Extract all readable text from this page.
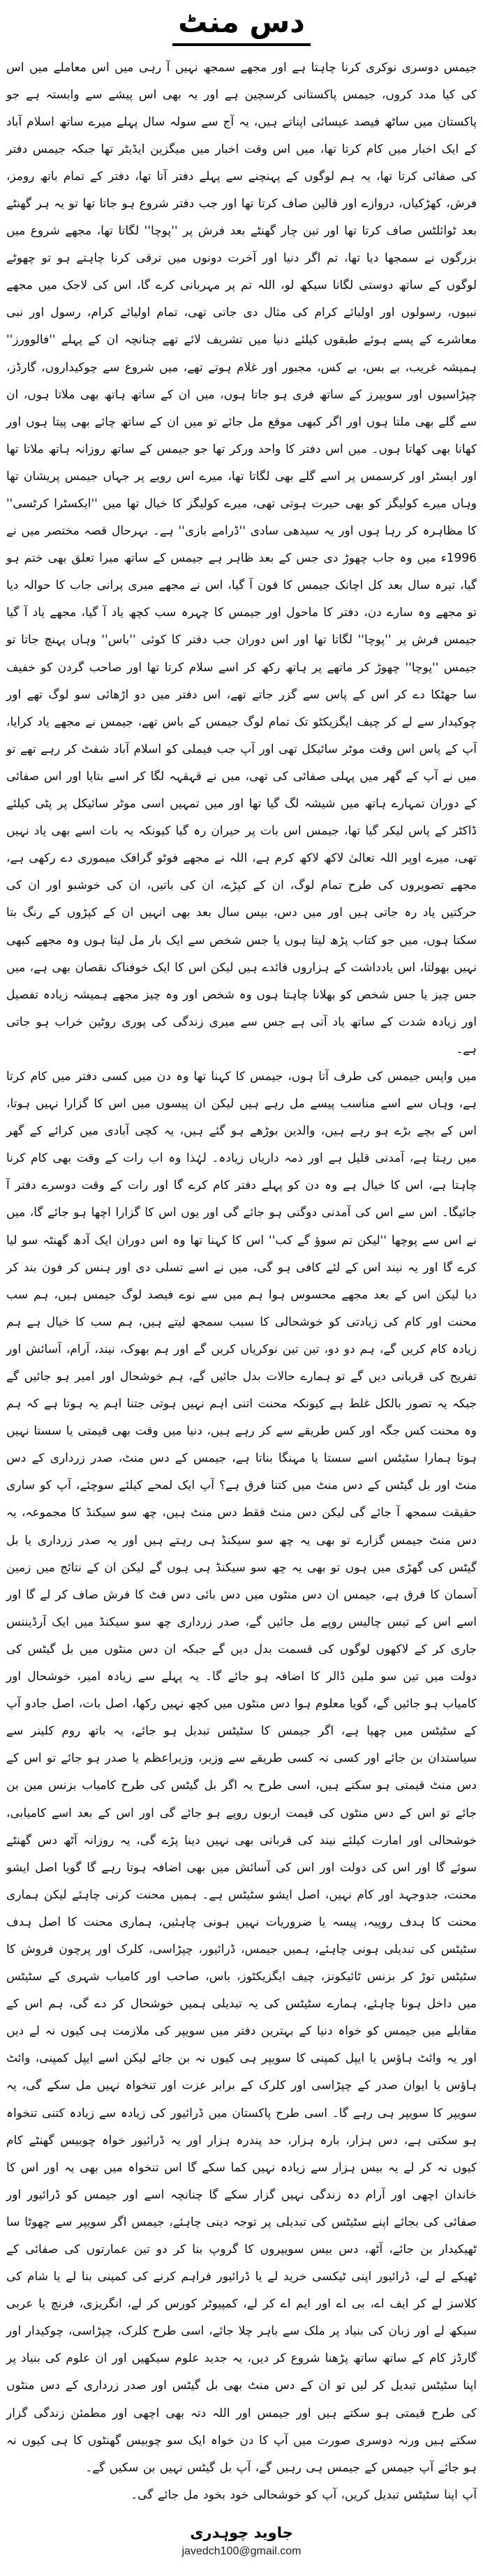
دس منٹ

جیمس دوسری نوکری کرنا چاہتا ہے اور مجھے سمجھ نہیں آ رہی میں اس معاملے میں اس کی کیا مدد کروں، جیمس پاکستانی کرسچین ہے اور یہ بھی اس پیشے سے وابستہ ہے جو پاکستان میں ساٹھ فیصد عیسائی اپناتے ہیں، یہ آج سے سولہ سال پہلے میرے ساتھ اسلام آباد کے ایک اخبار میں کام کرتا تھا، میں اس وقت اخبار میں میگزین ایڈیٹر تھا جبکہ جیمس دفتر کی صفائی کرتا تھا، یہ ہم لوگوں کے پہنچنے سے پہلے دفتر آتا تھا، دفتر کے تمام باتھ رومز، فرش، کھڑکیاں، دروازے اور قالین صاف کرتا تھا اور جب دفتر شروع ہو جاتا تھا تو یہ ہر گھنٹے بعد ٹوائلٹس صاف کرتا تھا اور تین چار گھنٹے بعد فرش پر ''پوچا'' لگاتا تھا، مجھے شروع میں بزرگوں نے سمجھا دیا تھا، تم اگر دنیا اور آخرت دونوں میں ترقی کرنا چاہتے ہو تو چھوٹے لوگوں کے ساتھ دوستی لگانا سیکھ لو، اللہ تم پر مہربانی کرے گا، اس کی لاجک میں مجھے نبیوں، رسولوں اور اولیائے کرام کی مثال دی جاتی تھی، تمام اولیائے کرام، رسول اور نبی معاشرے کے پسے ہوئے طبقوں کیلئے دنیا میں تشریف لائے تھے چنانچہ ان کے پہلے ''فالوورز'' ہمیشہ غریب، بے بس، بے کس، مجبور اور غلام ہوتے تھے، میں شروع سے چوکیداروں، گارڈز، چپڑاسیوں اور سویپرز کے ساتھ فری ہو جاتا ہوں، میں ان کے ساتھ ہاتھ بھی ملاتا ہوں، ان سے گلے بھی ملتا ہوں اور اگر کبھی موقع مل جائے تو میں ان کے ساتھ چائے بھی پیتا ہوں اور کھانا بھی کھاتا ہوں۔ میں اس دفتر کا واحد ورکر تھا جو جیمس کے ساتھ روزانہ ہاتھ ملاتا تھا اور ایسٹر اور کرسمس پر اسے گلے بھی لگاتا تھا، میرے اس رویے پر جہاں جیمس پریشان تھا وہاں میرے کولیگز کو بھی حیرت ہوتی تھی، میرے کولیگز کا خیال تھا میں ''ایکسٹرا کرٹسی'' کا مظاہرہ کر رہا ہوں اور یہ سیدھی سادی ''ڈرامے بازی'' ہے۔ بہرحال قصہ مختصر میں نے 1996ء میں وہ جاب چھوڑ دی جس کے بعد ظاہر ہے جیمس کے ساتھ میرا تعلق بھی ختم ہو گیا، تیرہ سال بعد کل اچانک جیمس کا فون آ گیا، اس نے مجھے میری پرانی جاب کا حوالہ دیا تو مجھے وہ سارے دن، دفتر کا ماحول اور جیمس کا چہرہ سب کچھ یاد آ گیا، مجھے یاد آ گیا جیمس فرش پر ''پوچا'' لگاتا تھا اور اس دوران جب دفتر کا کوئی ''باس'' وہاں پہنچ جاتا تو جیمس ''پوچا'' چھوڑ کر ماتھے پر ہاتھ رکھ کر اسے سلام کرتا تھا اور صاحب گردن کو خفیف سا جھٹکا دے کر اس کے پاس سے گزر جاتے تھے، اس دفتر میں دو اڑھائی سو لوگ تھے اور چوکیدار سے لے کر چیف ایگزیکٹو تک تمام لوگ جیمس کے باس تھے، جیمس نے مجھے یاد کرایا، آپ کے پاس اس وقت موٹر سائیکل تھی اور آپ جب فیملی کو اسلام آباد شفٹ کر رہے تھے تو میں نے آپ کے گھر میں پہلی صفائی کی تھی، میں نے قہقہہ لگا کر اسے بتایا اور اس صفائی کے دوران تمہارے ہاتھ میں شیشہ لگ گیا تھا اور میں تمہیں اسی موٹر سائیکل پر پٹی کیلئے ڈاکٹر کے پاس لیکر گیا تھا، جیمس اس بات پر حیران رہ گیا کیونکہ یہ بات اسے بھی یاد نہیں تھی، میرے اوپر اللہ تعالیٰ لاکھ لاکھ کرم ہے، اللہ نے مجھے فوٹو گرافک میموری دے رکھی ہے، مجھے تصویروں کی طرح تمام لوگ، ان کے کپڑے، ان کی باتیں، ان کی خوشبو اور ان کی حرکتیں یاد رہ جاتی ہیں اور میں دس، بیس سال بعد بھی انہیں ان کے کپڑوں کے رنگ بتا سکتا ہوں، میں جو کتاب پڑھ لیتا ہوں یا جس شخص سے ایک بار مل لیتا ہوں وہ مجھے کبھی نہیں بھولتا، اس یادداشت کے ہزاروں فائدے ہیں لیکن اس کا ایک خوفناک نقصان بھی ہے، میں جس چیز یا جس شخص کو بھلانا چاہتا ہوں وہ شخص اور وہ چیز مجھے ہمیشہ زیادہ تفصیل اور زیادہ شدت کے ساتھ یاد آتی ہے جس سے میری زندگی کی پوری روٹین خراب ہو جاتی ہے۔

میں واپس جیمس کی طرف آتا ہوں، جیمس کا کہنا تھا وہ دن میں کسی دفتر میں کام کرتا ہے، وہاں سے اسے مناسب پیسے مل رہے ہیں لیکن ان پیسوں میں اس کا گزارا نہیں ہوتا، اس کے بچے بڑے ہو رہے ہیں، والدین بوڑھے ہو گئے ہیں، یہ کچی آبادی میں کرائے کے گھر میں رہتا ہے، آمدنی قلیل ہے اور ذمہ داریاں زیادہ۔ لہٰذا وہ اب رات کے وقت بھی کام کرنا چاہتا ہے، اس کا خیال ہے وہ دن کو پہلے دفتر کام کرے گا اور رات کے وقت دوسرے دفتر آ جائیگا۔ اس سے اس کی آمدنی دوگنی ہو جائے گی اور یوں اس کا گزارا اچھا ہو جائے گا، میں نے اس سے پوچھا ''لیکن تم سوؤ گے کب'' اس کا کہنا تھا وہ اس دوران ایک آدھ گھنٹہ سو لیا کرے گا اور یہ نیند اس کے لئے کافی ہو گی، میں نے اسے تسلی دی اور ہنس کر فون بند کر دیا لیکن اس کے بعد مجھے محسوس ہوا ہم میں سے نوے فیصد لوگ جیمس ہیں، ہم سب محنت اور کام کی زیادتی کو خوشحالی کا سبب سمجھ لیتے ہیں، ہم سب کا خیال ہے ہم زیادہ کام کریں گے، ہم دو دو، تین تین نوکریاں کریں گے اور ہم بھوک، نیند، آرام، آسائش اور تفریح کی قربانی دیں گے تو ہمارے حالات بدل جائیں گے، ہم خوشحال اور امیر ہو جائیں گے جبکہ یہ تصور بالکل غلط ہے کیونکہ محنت اتنی اہم نہیں ہوتی جتنا اہم یہ ہوتا ہے کہ ہم وہ محنت کس جگہ اور کس طریقے سے کر رہے ہیں، دنیا میں وقت بھی قیمتی یا سستا نہیں ہوتا ہمارا سٹیٹس اسے سستا یا مہنگا بناتا ہے، جیمس کے دس منٹ، صدر زرداری کے دس منٹ اور بل گیٹس کے دس منٹ میں کتنا فرق ہے؟ آپ ایک لمحے کیلئے سوچئے، آپ کو ساری حقیقت سمجھ آ جائے گی لیکن دس منٹ فقط دس منٹ ہیں، چھ سو سیکنڈ کا مجموعہ، یہ دس منٹ جیمس گزارے تو بھی یہ چھ سو سیکنڈ ہی رہتے ہیں اور یہ صدر زرداری یا بل گیٹس کی گھڑی میں ہوں تو بھی یہ چھ سو سیکنڈ ہی ہوں گے لیکن ان کے نتائج میں زمین آسمان کا فرق ہے، جیمس ان دس منٹوں میں دس بائی دس فٹ کا فرش صاف کر لے گا اور اسے اس کے تیس چالیس روپے مل جائیں گے، صدر زرداری چھ سو سیکنڈ میں ایک آرڈیننس جاری کر کے لاکھوں لوگوں کی قسمت بدل دیں گے جبکہ ان دس منٹوں میں بل گیٹس کی دولت میں تین سو ملین ڈالر کا اضافہ ہو جائے گا۔ یہ پہلے سے زیادہ امیر، خوشحال اور کامیاب ہو جائیں گے، گویا معلوم ہوا دس منٹوں میں کچھ نہیں رکھا، اصل بات، اصل جادو آپ کے سٹیٹس میں چھپا ہے، اگر جیمس کا سٹیٹس تبدیل ہو جائے، یہ باتھ روم کلینر سے سیاستدان بن جائے اور کسی نہ کسی طریقے سے وزیر، وزیراعظم یا صدر ہو جائے تو اس کے دس منٹ قیمتی ہو سکتے ہیں، اسی طرح یہ اگر بل گیٹس کی طرح کامیاب بزنس مین بن جائے تو اس کے دس منٹوں کی قیمت اربوں روپے ہو جائے گی اور اس کے بعد اسے کامیابی، خوشحالی اور امارت کیلئے نیند کی قربانی بھی نہیں دینا پڑے گی، یہ روزانہ آٹھ دس گھنٹے سوئے گا اور اس کی دولت اور اس کی آسائش میں بھی اضافہ ہوتا رہے گا گویا اصل ایشو محنت، جدوجہد اور کام نہیں، اصل ایشو سٹیٹس ہے۔ ہمیں محنت کرنی چاہئے لیکن ہماری محنت کا ہدف روپیہ، پیسہ یا ضروریات نہیں ہونی چاہئیں، ہماری محنت کا اصل ہدف سٹیٹس کی تبدیلی ہونی چاہئے، ہمیں جیمس، ڈرائیور، چپڑاسی، کلرک اور پرچون فروش کا سٹیٹس توڑ کر بزنس ٹائیکونز، چیف ایگزیکٹوز، باس، صاحب اور کامیاب شہری کے سٹیٹس میں داخل ہونا چاہئے، ہمارے سٹیٹس کی یہ تبدیلی ہمیں خوشحال کر دے گی، ہم اس کے مقابلے میں جیمس کو خواہ دنیا کے بہترین دفتر میں سویپر کی ملازمت ہی کیوں نہ لے دیں اور یہ وائٹ ہاؤس یا ایپل کمپنی کا سویپر ہی کیوں نہ بن جائے لیکن اسے ایپل کمپنی، وائٹ ہاؤس یا ایوان صدر کے چپڑاسی اور کلرک کے برابر عزت اور تنخواہ نہیں مل سکے گی، یہ سویپر کا سویپر ہی رہے گا۔ اسی طرح پاکستان میں ڈرائیور کی زیادہ سے زیادہ کتنی تنخواہ ہو سکتی ہے، دس ہزار، بارہ ہزار، حد پندرہ ہزار اور یہ ڈرائیور خواہ چوبیس گھنٹے کام کیوں نہ کر لے یہ بیس ہزار سے زیادہ نہیں کما سکے گا اس تنخواہ میں بھی یہ اور اس کا خاندان اچھی اور آرام دہ زندگی نہیں گزار سکے گا چنانچہ اسے اور جیمس کو ڈرائیور اور صفائی کی بجائے اپنے سٹیٹس کی تبدیلی پر توجہ دینی چاہئے، جیمس اگر سویپر سے چھوٹا سا ٹھیکیدار بن جائے، آٹھ، دس بیس سویپروں کا گروپ بنا کر دو تین عمارتوں کی صفائی کے ٹھیکے لے لے، ڈرائیور اپنی ٹیکسی خرید لے یا ڈرائیور فراہم کرنے کی کمپنی بنا لے یا شام کی کلاسز لے کر ایف اے، بی اے اور ایم اے کر لے، کمپیوٹر کورس کر لے، انگریزی، فرنچ یا عربی سیکھ لے اور زبان کی بنیاد پر ملک سے باہر چلا جائے، اسی طرح کلرک، چپڑاسی، چوکیدار اور گارڈز کام کے ساتھ ساتھ پڑھنا شروع کر دیں، یہ جدید علوم سیکھیں اور ان علوم کی بنیاد پر اپنا سٹیٹس تبدیل کر لیں تو ان کے دس منٹ بھی بل گیٹس اور صدر زرداری کے دس منٹوں کی طرح قیمتی ہو سکتے ہیں اور جیمس اور اللہ دتہ بھی اچھی اور مطمئن زندگی گزار سکتے ہیں ورنہ دوسری صورت میں آپ کا دن خواہ ایک سو چوبیس گھنٹوں کا ہی کیوں نہ ہو جائے آپ جیمس کے جیمس ہی رہیں گے، آپ بل گیٹس نہیں بن سکیں گے۔

آپ اپنا سٹیٹس تبدیل کریں، آپ کو خوشحالی خود بخود مل جائے گی۔

جاوید چوہدری
javedch100@gmail.com
